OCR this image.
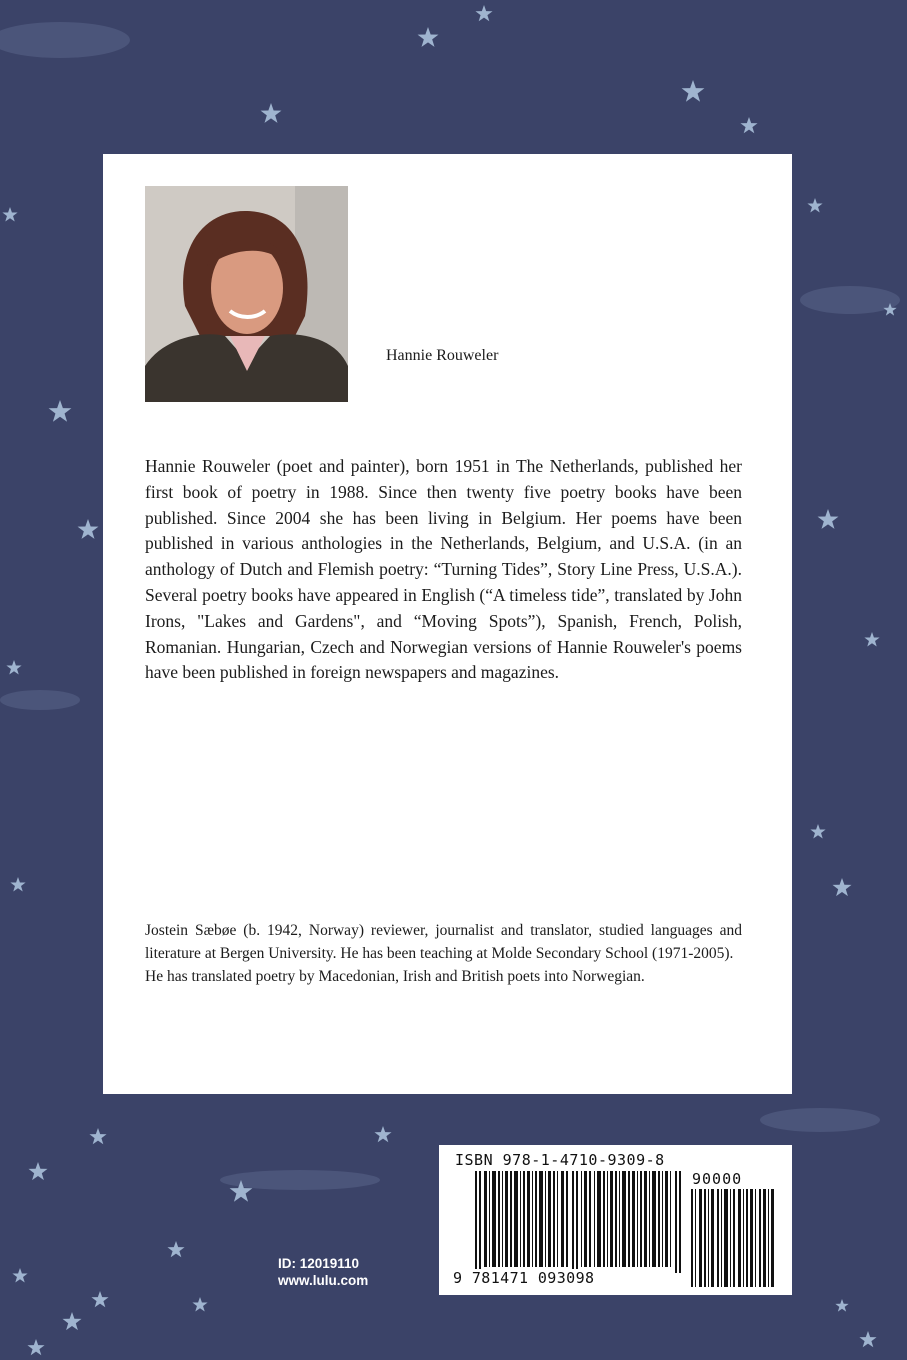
Hannie Rouweler

Hannie Rouweler (poet and painter), born 1951 in The Netherlands, published her first book of poetry in 1988. Since then twenty five poetry books have been published. Since 2004 she has been living in Belgium. Her poems have been published in various anthologies in the Netherlands, Belgium, and U.S.A. (in an anthology of Dutch and Flemish poetry: “Turning Tides”, Story Line Press, U.S.A.). Several poetry books have appeared in English (“A timeless tide”, translated by John Irons, "Lakes and Gardens", and “Moving Spots”), Spanish, French, Polish, Romanian. Hungarian, Czech and Norwegian versions of Hannie Rouweler's poems have been published in foreign newspapers and magazines.

Jostein Sæbøe (b. 1942, Norway) reviewer, journalist and translator, studied languages and literature at Bergen University. He has been teaching at Molde Secondary School (1971-2005).

He has translated poetry by Macedonian, Irish and British poets into Norwegian.

ID: 12019110
www.lulu.com
ISBN 978-1-4710-9309-8
90000
9 781471 093098
